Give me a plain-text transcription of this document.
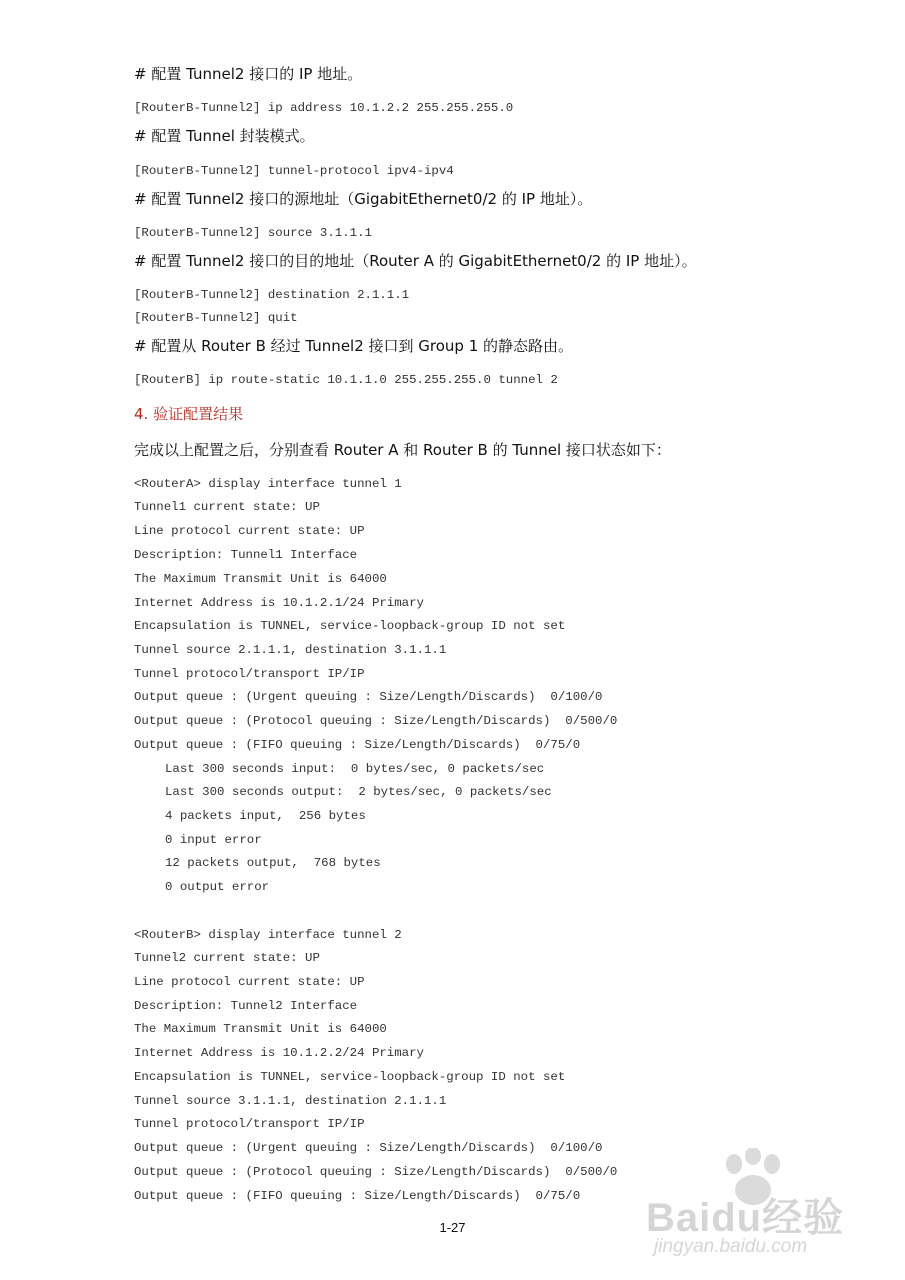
# 配置 Tunnel2 接口的 IP 地址。
[RouterB-Tunnel2] ip address 10.1.2.2 255.255.255.0
# 配置 Tunnel 封装模式。
[RouterB-Tunnel2] tunnel-protocol ipv4-ipv4
# 配置 Tunnel2 接口的源地址（GigabitEthernet0/2 的 IP 地址）。
[RouterB-Tunnel2] source 3.1.1.1
# 配置 Tunnel2 接口的目的地址（Router A 的 GigabitEthernet0/2 的 IP 地址）。
[RouterB-Tunnel2] destination 2.1.1.1
[RouterB-Tunnel2] quit
# 配置从 Router B 经过 Tunnel2 接口到 Group 1 的静态路由。
[RouterB] ip route-static 10.1.1.0 255.255.255.0 tunnel 2
4. 验证配置结果
完成以上配置之后，分别查看 Router A 和 Router B 的 Tunnel 接口状态如下：
<RouterA> display interface tunnel 1
Tunnel1 current state: UP
Line protocol current state: UP
Description: Tunnel1 Interface
The Maximum Transmit Unit is 64000
Internet Address is 10.1.2.1/24 Primary
Encapsulation is TUNNEL, service-loopback-group ID not set
Tunnel source 2.1.1.1, destination 3.1.1.1
Tunnel protocol/transport IP/IP
Output queue : (Urgent queuing : Size/Length/Discards)  0/100/0
Output queue : (Protocol queuing : Size/Length/Discards)  0/500/0
Output queue : (FIFO queuing : Size/Length/Discards)  0/75/0
Last 300 seconds input:  0 bytes/sec, 0 packets/sec
Last 300 seconds output:  2 bytes/sec, 0 packets/sec
4 packets input,  256 bytes
0 input error
12 packets output,  768 bytes
0 output error
<RouterB> display interface tunnel 2
Tunnel2 current state: UP
Line protocol current state: UP
Description: Tunnel2 Interface
The Maximum Transmit Unit is 64000
Internet Address is 10.1.2.2/24 Primary
Encapsulation is TUNNEL, service-loopback-group ID not set
Tunnel source 3.1.1.1, destination 2.1.1.1
Tunnel protocol/transport IP/IP
Output queue : (Urgent queuing : Size/Length/Discards)  0/100/0
Output queue : (Protocol queuing : Size/Length/Discards)  0/500/0
Output queue : (FIFO queuing : Size/Length/Discards)  0/75/0
1-27	Baidu经验
jingyan.baidu.com
